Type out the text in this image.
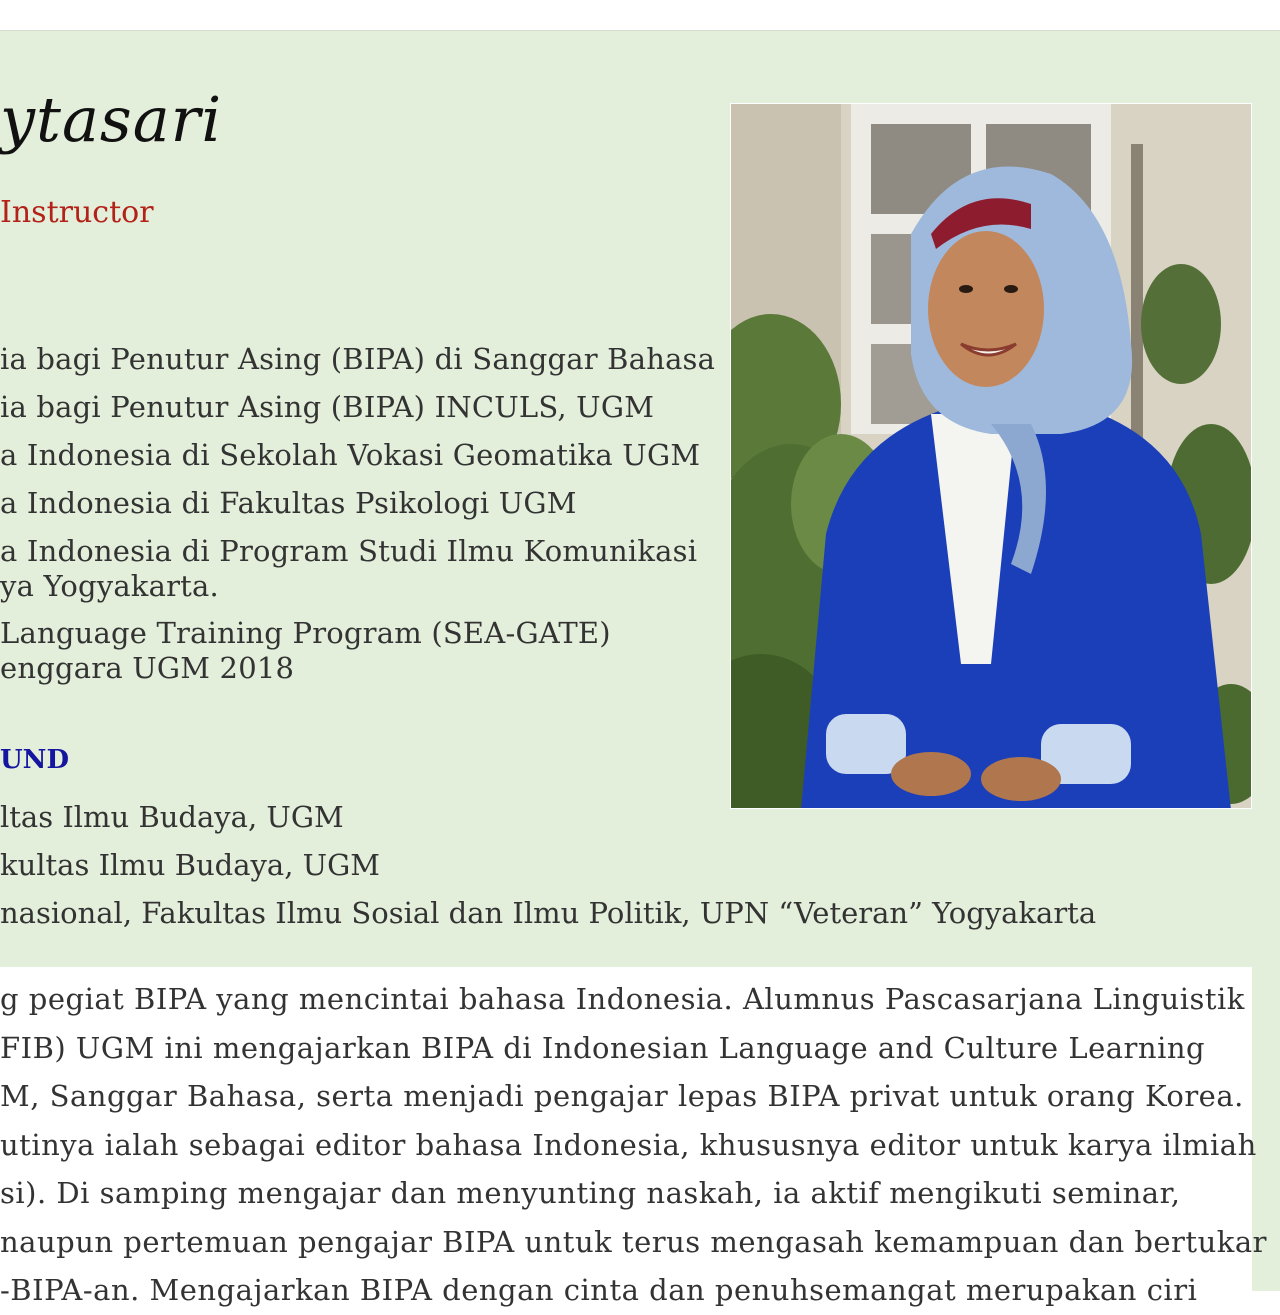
ytasari
Instructor
ia bagi Penutur Asing (BIPA) di Sanggar Bahasa
ia bagi Penutur Asing (BIPA) INCULS, UGM
a Indonesia di Sekolah Vokasi Geomatika UGM
a Indonesia di Fakultas Psikologi UGM
a Indonesia di Program Studi Ilmu Komunikasi
ya Yogyakarta.
Language Training Program (SEA-GATE)
enggara UGM 2018
UND
ltas Ilmu Budaya, UGM
kultas Ilmu Budaya, UGM
nasional, Fakultas Ilmu Sosial dan Ilmu Politik, UPN “Veteran” Yogyakarta

g pegiat BIPA yang mencintai bahasa Indonesia. Alumnus Pascasarjana Linguistik

FIB) UGM ini mengajarkan BIPA di Indonesian Language and Culture Learning

M, Sanggar Bahasa, serta menjadi pengajar lepas BIPA privat untuk orang Korea.

utinya ialah sebagai editor bahasa Indonesia, khususnya editor untuk karya ilmiah

si). Di samping mengajar dan menyunting naskah, ia aktif mengikuti seminar,

naupun pertemuan pengajar BIPA untuk terus mengasah kemampuan dan bertukar

-BIPA-an. Mengajarkan BIPA dengan cinta dan penuhsemangat merupakan ciri
